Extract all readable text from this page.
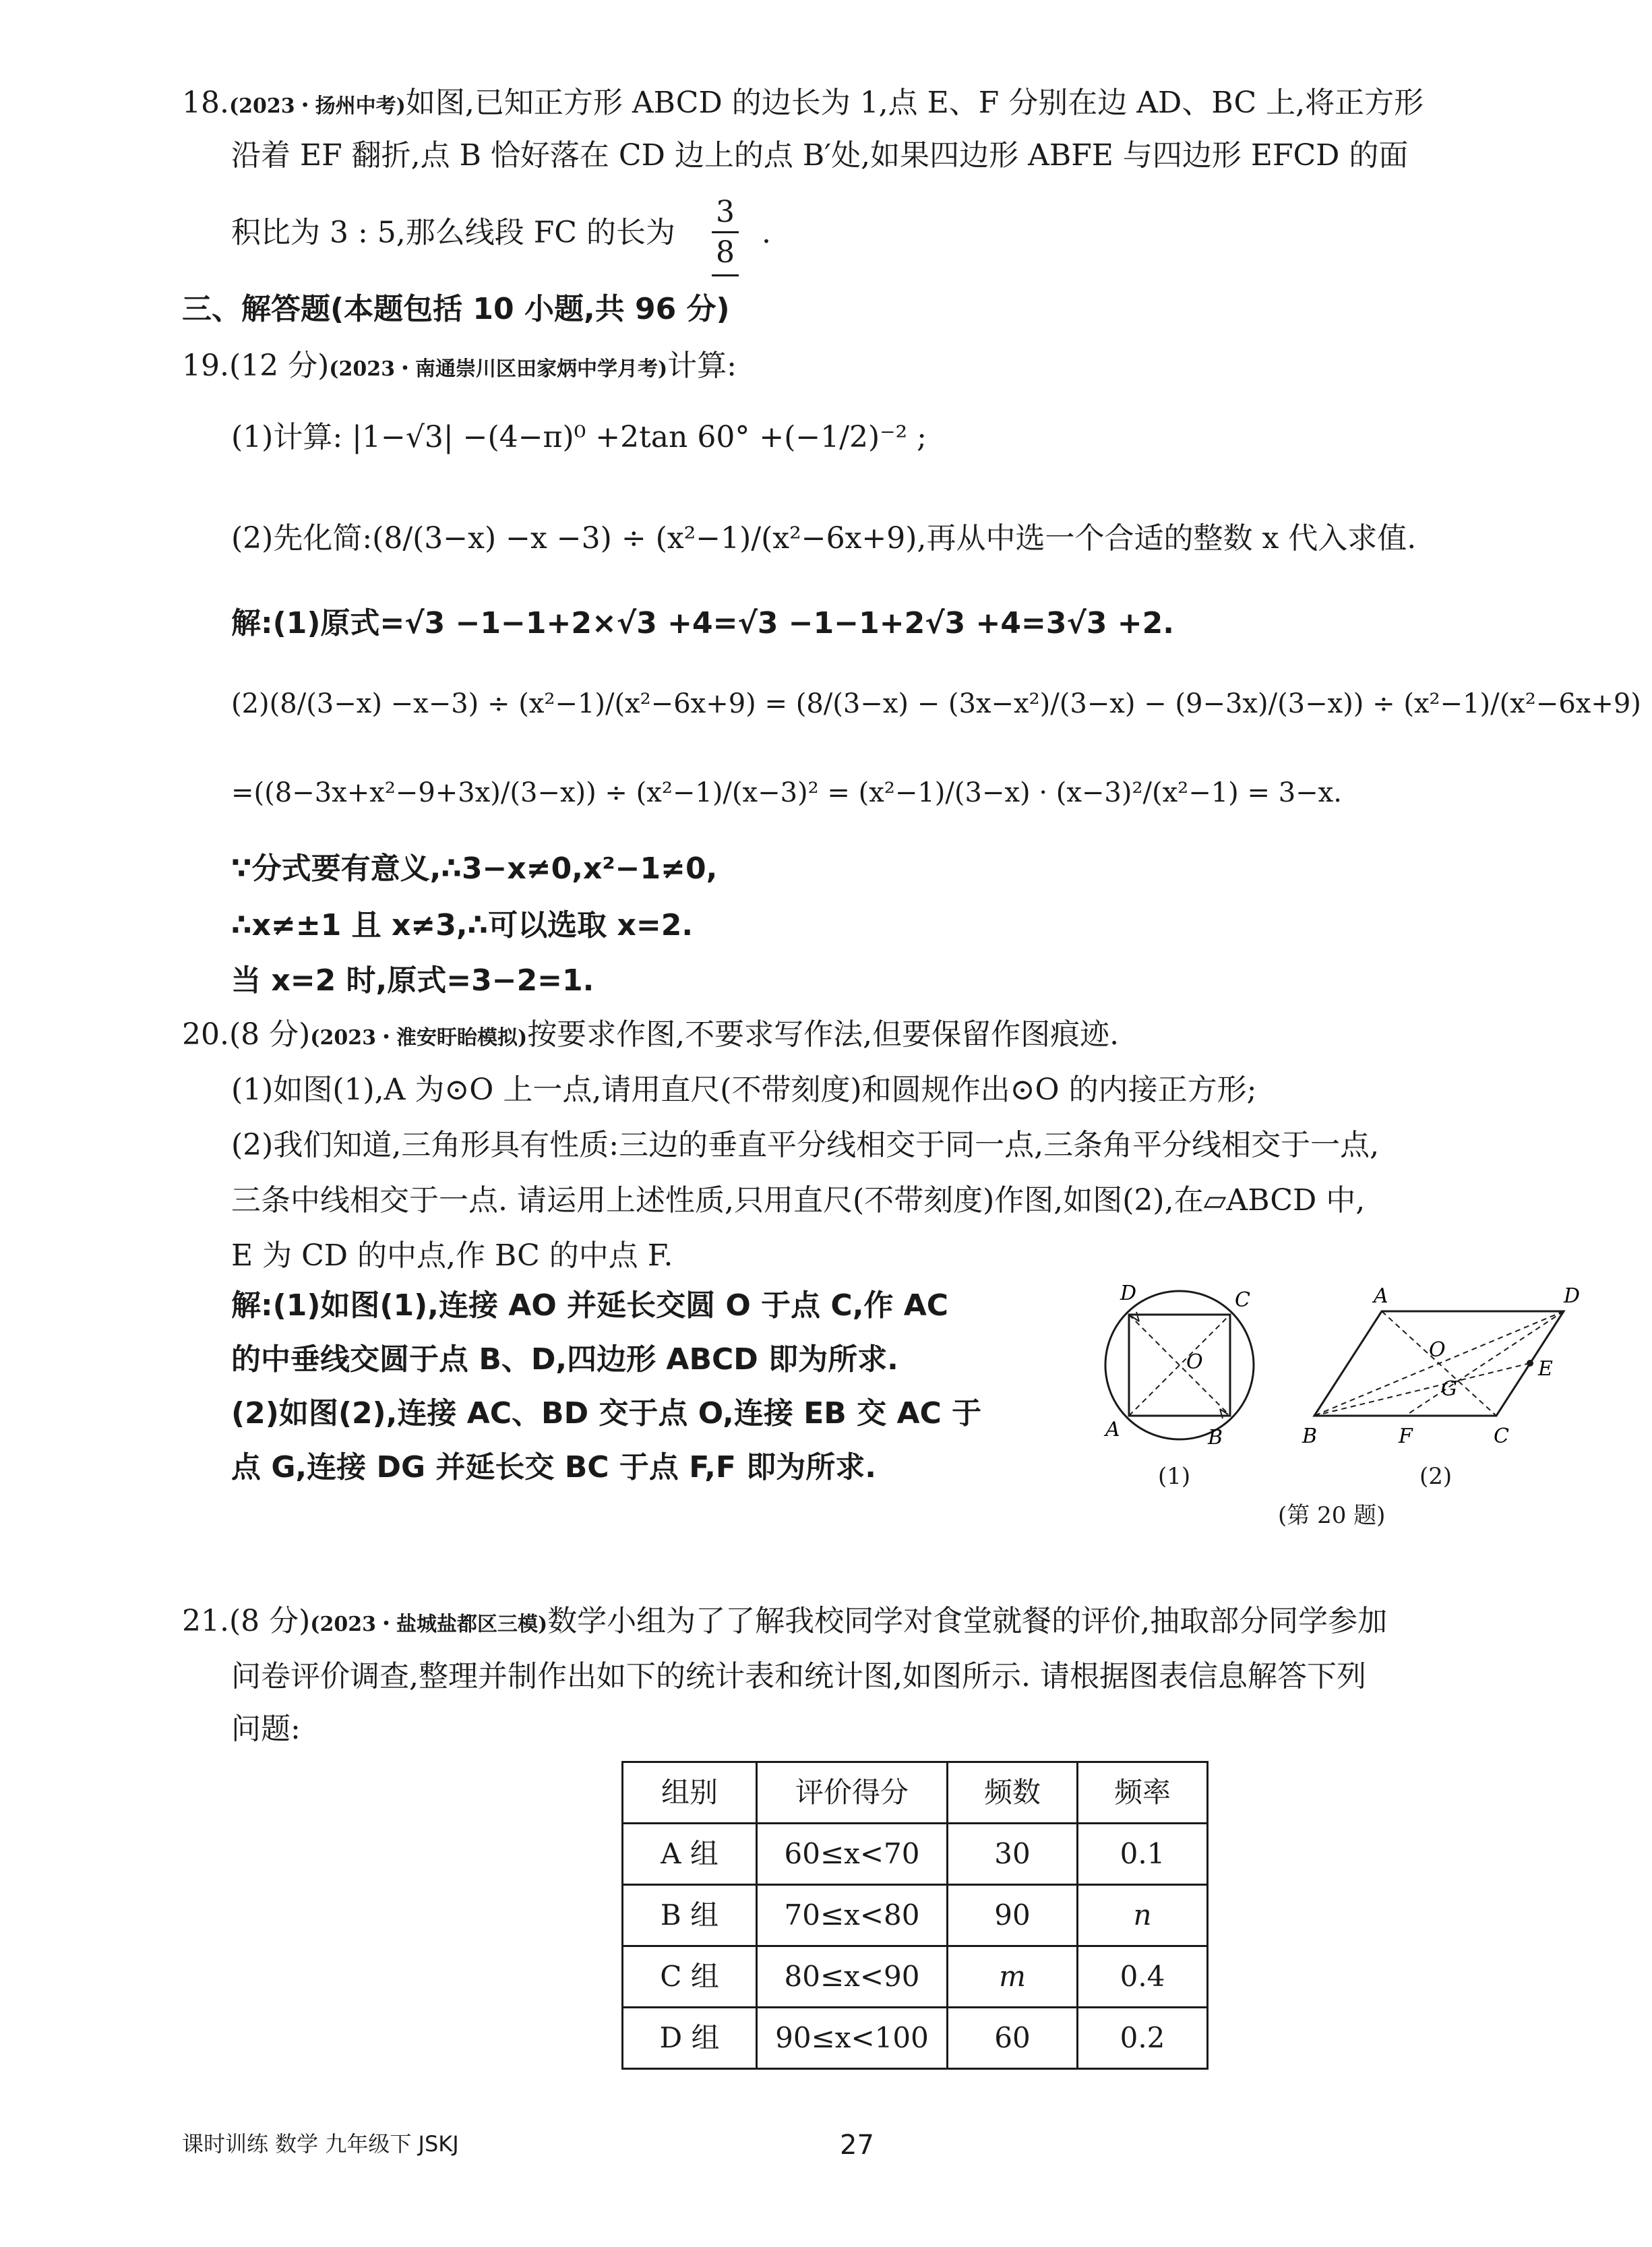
18.(2023・扬州中考)如图,已知正方形 ABCD 的边长为 1,点 E、F 分别在边 AD、BC 上,将正方形
沿着 EF 翻折,点 B 恰好落在 CD 边上的点 B′处,如果四边形 ABFE 与四边形 EFCD 的面
积比为 3 : 5,那么线段 FC 的长为 $\frac{3}{8}$ .
三、解答题(本题包括 10 小题,共 96 分)
19.(12 分)(2023・南通崇川区田家炳中学月考)计算:
(1)计算: |1−√3| −(4−π)⁰ +2tan 60° +(−1/2)⁻² ;
(2)先化简:(8/(3−x) −x −3) ÷ (x²−1)/(x²−6x+9),再从中选一个合适的整数 x 代入求值.
解:(1)原式=√3 −1−1+2×√3 +4=√3 −1−1+2√3 +4=3√3 +2.
(2)(8/(3−x) −x−3) ÷ (x²−1)/(x²−6x+9) = (8/(3−x) − (3x−x²)/(3−x) − (9−3x)/(3−x)) ÷ (x²−1)/(x²−6x+9)
=((8−3x+x²−9+3x)/(3−x)) ÷ (x²−1)/(x−3)² = (x²−1)/(3−x) · (x−3)²/(x²−1) = 3−x.
∵分式要有意义,∴3−x≠0,x²−1≠0,
∴x≠±1 且 x≠3,∴可以选取 x=2.
当 x=2 时,原式=3−2=1.
20.(8 分)(2023・淮安盱眙模拟)按要求作图,不要求写作法,但要保留作图痕迹.
(1)如图(1),A 为⊙O 上一点,请用直尺(不带刻度)和圆规作出⊙O 的内接正方形;
(2)我们知道,三角形具有性质:三边的垂直平分线相交于同一点,三条角平分线相交于一点,
三条中线相交于一点. 请运用上述性质,只用直尺(不带刻度)作图,如图(2),在▱ABCD 中,
E 为 CD 的中点,作 BC 的中点 F.
解:(1)如图(1),连接 AO 并延长交圆 O 于点 C,作 AC
的中垂线交圆于点 B、D,四边形 ABCD 即为所求.
(2)如图(2),连接 AC、BD 交于点 O,连接 EB 交 AC 于
点 G,连接 DG 并延长交 BC 于点 F,F 即为所求.
D	C
O
A	B
(1)
A	D
O
E
G
B	F	C
(2)
(第 20 题)
21.(8 分)(2023・盐城盐都区三模)数学小组为了了解我校同学对食堂就餐的评价,抽取部分同学参加
问卷评价调查,整理并制作出如下的统计表和统计图,如图所示. 请根据图表信息解答下列
问题:
组别	评价得分	频数	频率
A 组	60≤x<70	30	0.1
B 组	70≤x<80	90	n
C 组	80≤x<90	m	0.4
D 组	90≤x<100	60	0.2
课时训练 数学 九年级下 JSKJ	27
